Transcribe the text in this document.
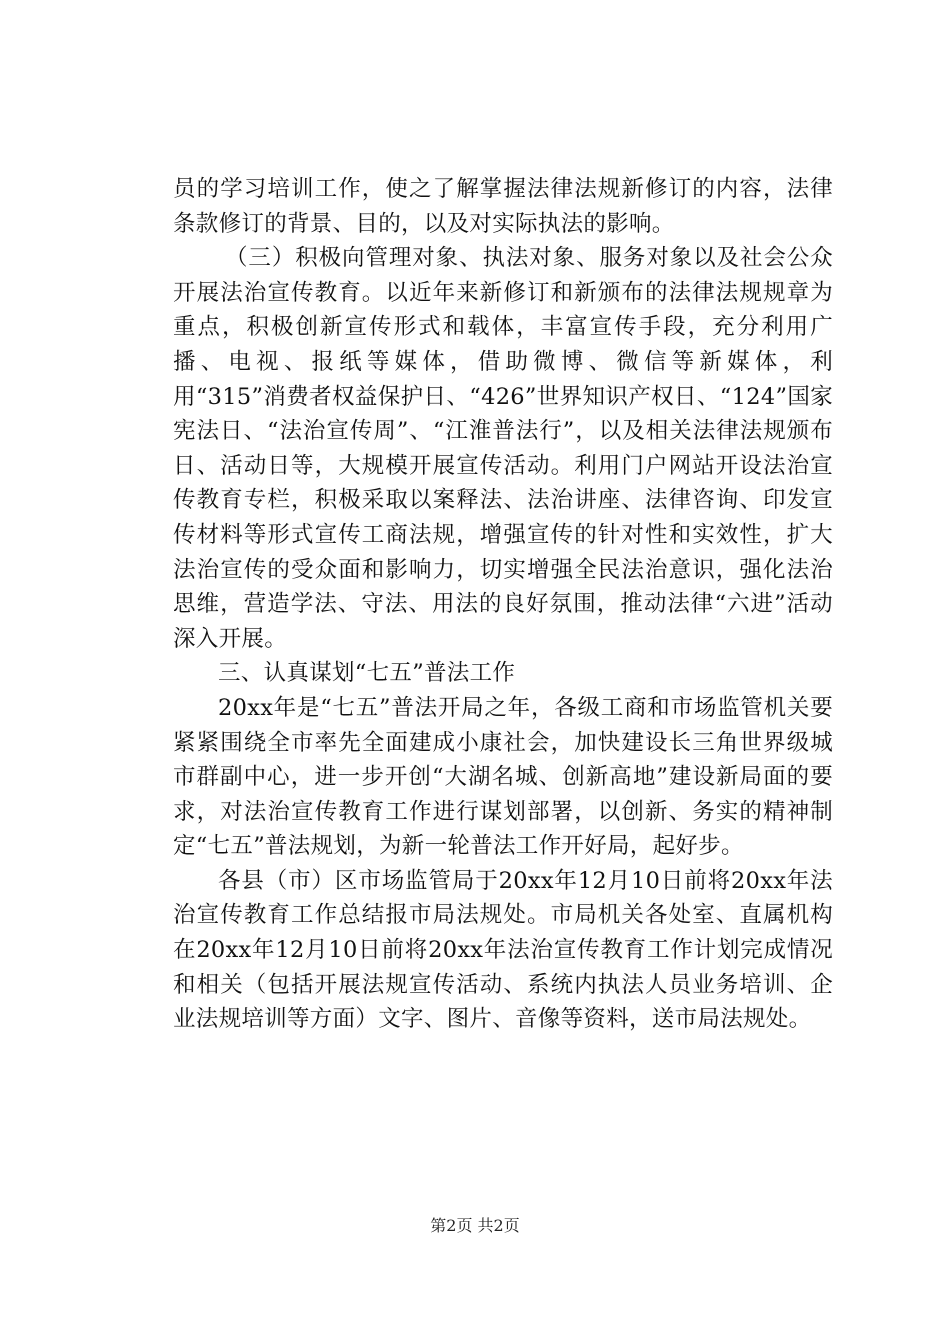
员的学习培训工作，使之了解掌握法律法规新修订的内容，法律条款修订的背景、目的，以及对实际执法的影响。

（三）积极向管理对象、执法对象、服务对象以及社会公众开展法治宣传教育。以近年来新修订和新颁布的法律法规规章为重点，积极创新宣传形式和载体，丰富宣传手段，充分利用广播、电视、报纸等媒体，借助微博、微信等新媒体，利用“315”消费者权益保护日、“426”世界知识产权日、“124”国家宪法日、“法治宣传周”、“江淮普法行”，以及相关法律法规颁布日、活动日等，大规模开展宣传活动。利用门户网站开设法治宣传教育专栏，积极采取以案释法、法治讲座、法律咨询、印发宣传材料等形式宣传工商法规，增强宣传的针对性和实效性，扩大法治宣传的受众面和影响力，切实增强全民法治意识，强化法治思维，营造学法、守法、用法的良好氛围，推动法律“六进”活动深入开展。

三、认真谋划“七五”普法工作

20xx年是“七五”普法开局之年，各级工商和市场监管机关要紧紧围绕全市率先全面建成小康社会，加快建设长三角世界级城市群副中心，进一步开创“大湖名城、创新高地”建设新局面的要求，对法治宣传教育工作进行谋划部署，以创新、务实的精神制定“七五”普法规划，为新一轮普法工作开好局，起好步。

各县（市）区市场监管局于20xx年12月10日前将20xx年法治宣传教育工作总结报市局法规处。市局机关各处室、直属机构在20xx年12月10日前将20xx年法治宣传教育工作计划完成情况和相关（包括开展法规宣传活动、系统内执法人员业务培训、企业法规培训等方面）文字、图片、音像等资料，送市局法规处。

第2页 共2页
